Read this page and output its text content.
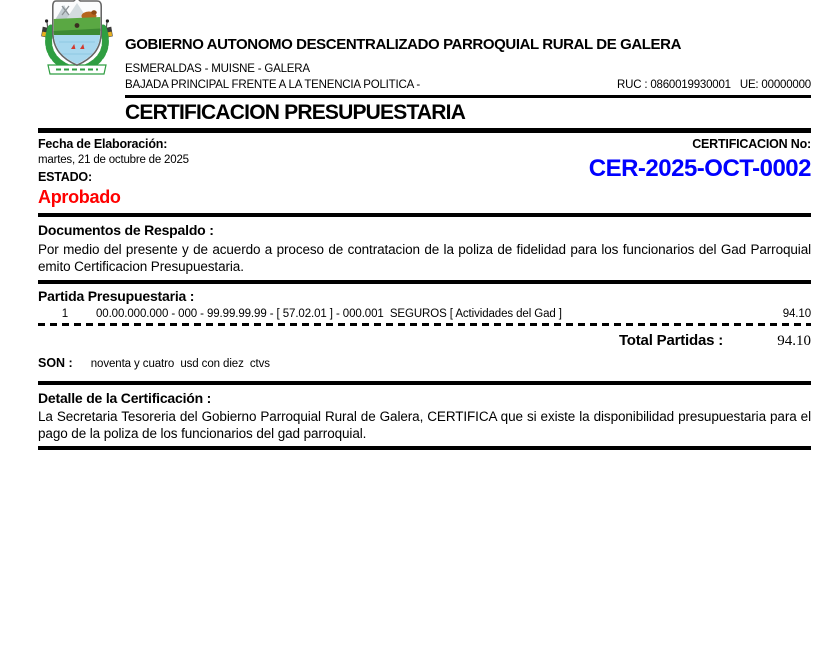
GOBIERNO AUTONOMO DESCENTRALIZADO PARROQUIAL RURAL DE GALERA
ESMERALDAS - MUISNE - GALERA
BAJADA PRINCIPAL FRENTE A LA TENENCIA POLITICA -	RUC : 0860019930001   UE: 00000000
CERTIFICACION PRESUPUESTARIA
Fecha de Elaboración:
martes, 21 de octubre de 2025
ESTADO:
Aprobado
CERTIFICACION No:
CER-2025-OCT-0002
Documentos de Respaldo :
Por medio del presente y de acuerdo a proceso de contratacion de la poliza de fidelidad para los funcionarios del Gad Parroquial emito Certificacion Presupuestaria.
Partida Presupuestaria :
1 00.00.000.000 - 000 - 99.99.99.99 - [ 57.02.01 ] - 000.001  SEGUROS [ Actividades del Gad ]	94.10
Total Partidas :	94.10
SON : noventa y cuatro  usd con diez  ctvs
Detalle de la Certificación :
La Secretaria Tesoreria del Gobierno Parroquial Rural de Galera, CERTIFICA que si existe la disponibilidad presupuestaria para el pago de la poliza de los funcionarios del gad parroquial.
